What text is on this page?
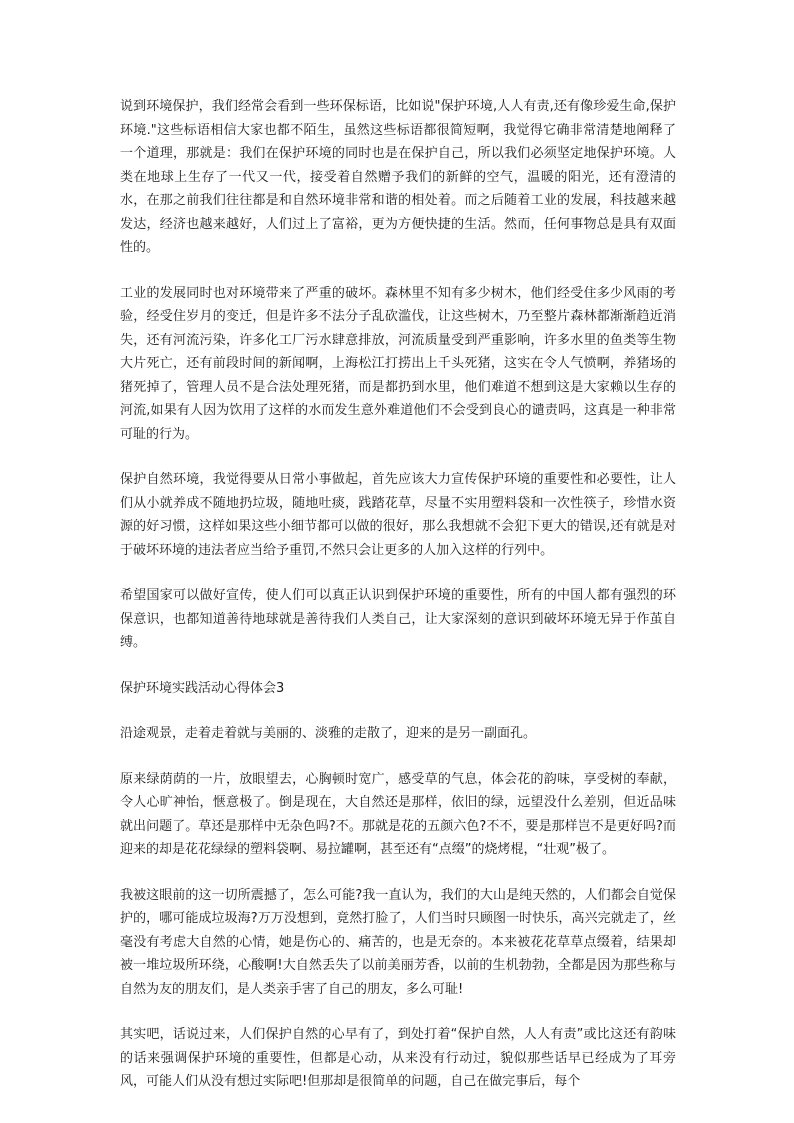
说到环境保护，我们经常会看到一些环保标语，比如说"保护环境,人人有责,还有像珍爱生命,保护环境."这些标语相信大家也都不陌生，虽然这些标语都很简短啊，我觉得它确非常清楚地阐释了一个道理，那就是：我们在保护环境的同时也是在保护自己，所以我们必须坚定地保护环境。人类在地球上生存了一代又一代，接受着自然赠予我们的新鲜的空气，温暖的阳光，还有澄清的水，在那之前我们往往都是和自然环境非常和谐的相处着。而之后随着工业的发展，科技越来越发达，经济也越来越好，人们过上了富裕，更为方便快捷的生活。然而，任何事物总是具有双面性的。

工业的发展同时也对环境带来了严重的破坏。森林里不知有多少树木，他们经受住多少风雨的考验，经受住岁月的变迁，但是许多不法分子乱砍滥伐，让这些树木，乃至整片森林都渐渐趋近消失，还有河流污染，许多化工厂污水肆意排放，河流质量受到严重影响，许多水里的鱼类等生物大片死亡，还有前段时间的新闻啊，上海松江打捞出上千头死猪，这实在令人气愤啊，养猪场的猪死掉了，管理人员不是合法处理死猪，而是都扔到水里，他们难道不想到这是大家赖以生存的河流,如果有人因为饮用了这样的水而发生意外难道他们不会受到良心的谴责吗，这真是一种非常可耻的行为。

保护自然环境，我觉得要从日常小事做起，首先应该大力宣传保护环境的重要性和必要性，让人们从小就养成不随地扔垃圾，随地吐痰，践踏花草，尽量不实用塑料袋和一次性筷子，珍惜水资源的好习惯，这样如果这些小细节都可以做的很好，那么我想就不会犯下更大的错误,还有就是对于破坏环境的违法者应当给予重罚,不然只会让更多的人加入这样的行列中。

希望国家可以做好宣传，使人们可以真正认识到保护环境的重要性，所有的中国人都有强烈的环保意识，也都知道善待地球就是善待我们人类自己，让大家深刻的意识到破坏环境无异于作茧自缚。

保护环境实践活动心得体会3

沿途观景，走着走着就与美丽的、淡雅的走散了，迎来的是另一副面孔。

原来绿荫荫的一片，放眼望去，心胸顿时宽广，感受草的气息，体会花的韵味，享受树的奉献，令人心旷神怡，惬意极了。倒是现在，大自然还是那样，依旧的绿，远望没什么差别，但近品味就出问题了。草还是那样中无杂色吗?不。那就是花的五颜六色?不不，要是那样岂不是更好吗?而迎来的却是花花绿绿的塑料袋啊、易拉罐啊，甚至还有“点缀”的烧烤棍，“壮观”极了。

我被这眼前的这一切所震撼了，怎么可能?我一直认为，我们的大山是纯天然的，人们都会自觉保护的，哪可能成垃圾海?万万没想到，竟然打脸了，人们当时只顾图一时快乐，高兴完就走了，丝毫没有考虑大自然的心情，她是伤心的、痛苦的，也是无奈的。本来被花花草草点缀着，结果却被一堆垃圾所环绕，心酸啊!大自然丢失了以前美丽芳香，以前的生机勃勃，全都是因为那些称与自然为友的朋友们，是人类亲手害了自己的朋友，多么可耻!

其实吧，话说过来，人们保护自然的心早有了，到处打着“保护自然，人人有责”或比这还有韵味的话来强调保护环境的重要性，但都是心动，从来没有行动过，貌似那些话早已经成为了耳旁风，可能人们从没有想过实际吧!但那却是很简单的问题，自己在做完事后，每个
